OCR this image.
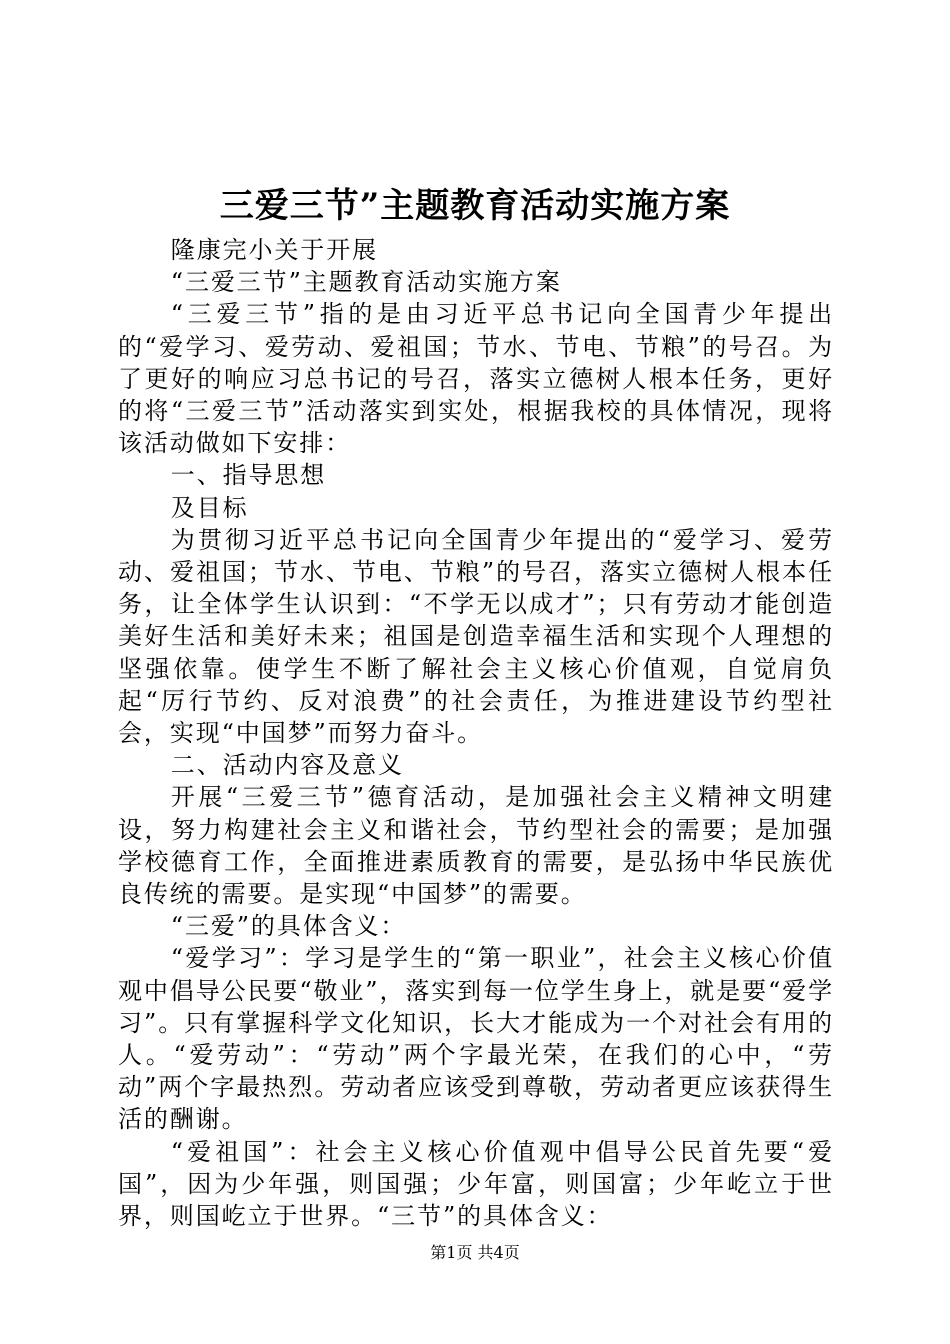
三爱三节”主题教育活动实施方案

隆康完小关于开展

“三爱三节”主题教育活动实施方案

“三爱三节”指的是由习近平总书记向全国青少年提出的“爱学习、爱劳动、爱祖国；节水、节电、节粮”的号召。为了更好的响应习总书记的号召，落实立德树人根本任务，更好的将“三爱三节”活动落实到实处，根据我校的具体情况，现将该活动做如下安排：

一、指导思想

及目标

为贯彻习近平总书记向全国青少年提出的“爱学习、爱劳动、爱祖国；节水、节电、节粮”的号召，落实立德树人根本任务，让全体学生认识到：“不学无以成才”；只有劳动才能创造美好生活和美好未来；祖国是创造幸福生活和实现个人理想的坚强依靠。使学生不断了解社会主义核心价值观，自觉肩负起“厉行节约、反对浪费”的社会责任，为推进建设节约型社会，实现“中国梦”而努力奋斗。

二、活动内容及意义

开展“三爱三节”德育活动，是加强社会主义精神文明建设，努力构建社会主义和谐社会，节约型社会的需要；是加强学校德育工作，全面推进素质教育的需要，是弘扬中华民族优良传统的需要。是实现“中国梦”的需要。

“三爱”的具体含义：

“爱学习”：学习是学生的“第一职业”，社会主义核心价值观中倡导公民要“敬业”，落实到每一位学生身上，就是要“爱学习”。只有掌握科学文化知识，长大才能成为一个对社会有用的人。“爱劳动”：“劳动”两个字最光荣，在我们的心中，“劳动”两个字最热烈。劳动者应该受到尊敬，劳动者更应该获得生活的酬谢。

“爱祖国”：社会主义核心价值观中倡导公民首先要“爱国”，因为少年强，则国强；少年富，则国富；少年屹立于世界，则国屹立于世界。“三节”的具体含义：

第1页 共4页
